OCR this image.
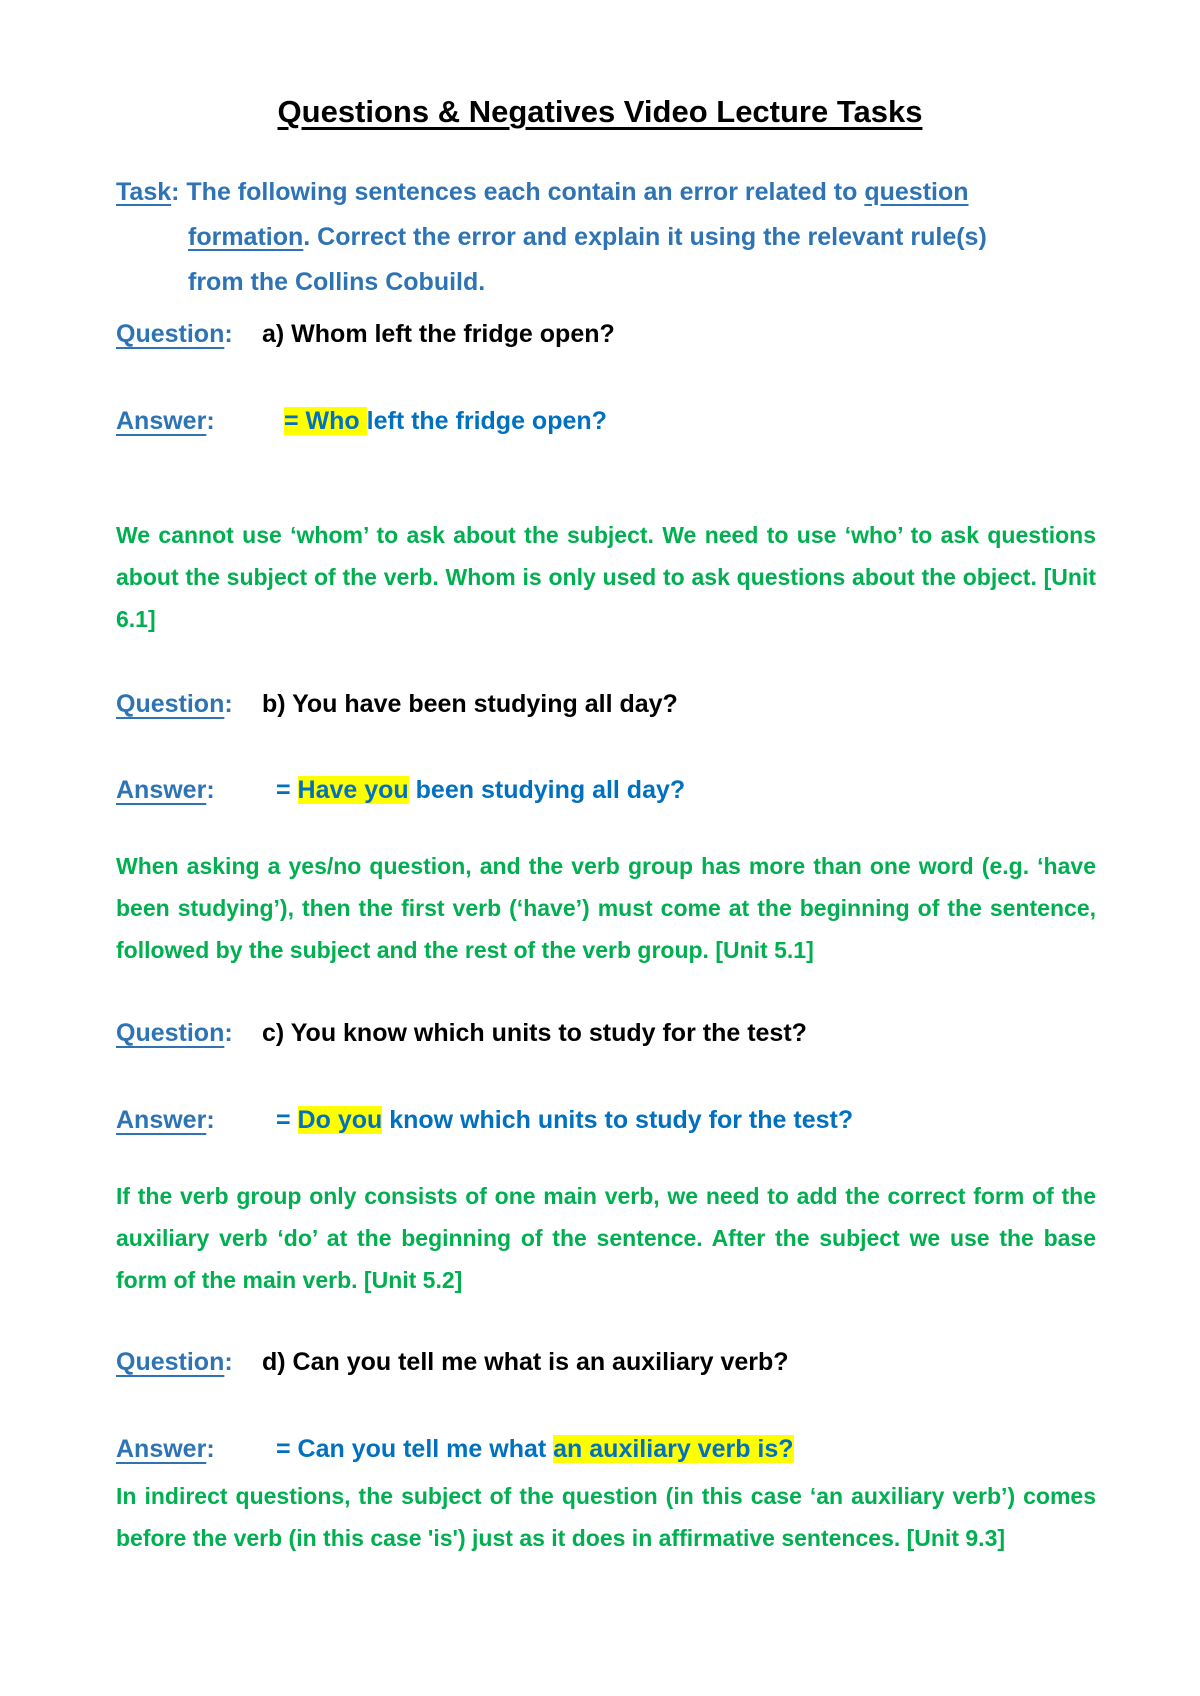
Questions & Negatives Video Lecture Tasks
Task: The following sentences each contain an error related to question
formation. Correct the error and explain it using the relevant rule(s)
from the Collins Cobuild.
Question: a) Whom left the fridge open?
Answer:	= Who left the fridge open?
We cannot use ‘whom’ to ask about the subject. We need to use ‘who’ to ask questions about the subject of the verb. Whom is only used to ask questions about the object. [Unit 6.1]
Question: b) You have been studying all day?
Answer: = Have you been studying all day?
When asking a yes/no question, and the verb group has more than one word (e.g. ‘have been studying’), then the first verb (‘have’) must come at the beginning of the sentence, followed by the subject and the rest of the verb group. [Unit 5.1]
Question: c) You know which units to study for the test?
Answer: = Do you know which units to study for the test?
If the verb group only consists of one main verb, we need to add the correct form of the auxiliary verb ‘do’ at the beginning of the sentence. After the subject we use the base form of the main verb. [Unit 5.2]
Question: d) Can you tell me what is an auxiliary verb?
Answer: = Can you tell me what an auxiliary verb is?
In indirect questions, the subject of the question (in this case ‘an auxiliary verb’) comes before the verb (in this case 'is') just as it does in affirmative sentences. [Unit 9.3]
